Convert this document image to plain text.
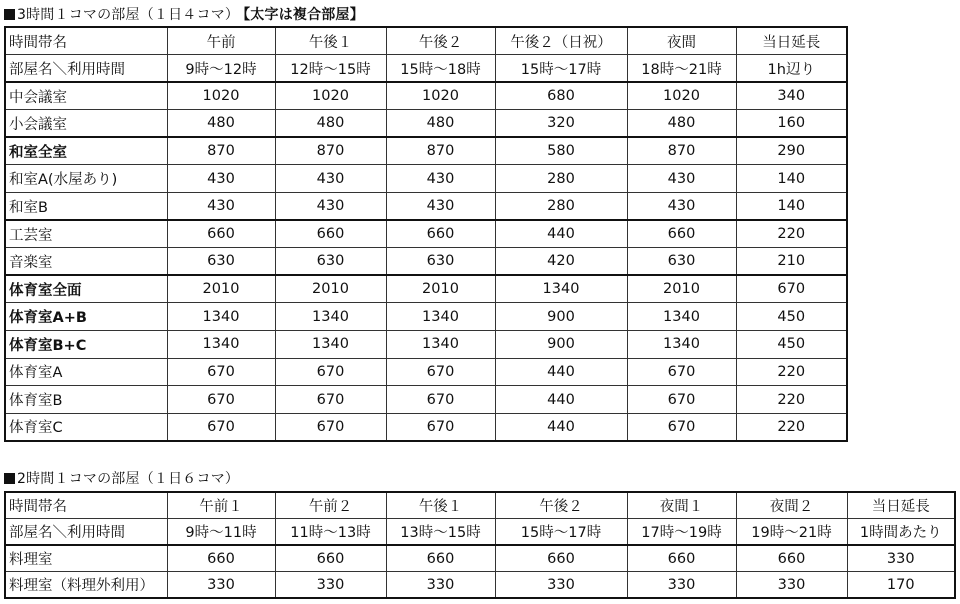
3時間１コマの部屋（１日４コマ） 【太字は複合部屋】
時間帯名	午前	午後１	午後２	午後２（日祝）	夜間	当日延長
部屋名＼利用時間	9時～12時	12時～15時	15時～18時	15時～17時	18時～21時	1h辺り
中会議室	1020	1020	1020	680	1020	340
小会議室	480	480	480	320	480	160
和室全室	870	870	870	580	870	290
和室A(水屋あり)	430	430	430	280	430	140
和室B	430	430	430	280	430	140
工芸室	660	660	660	440	660	220
音楽室	630	630	630	420	630	210
体育室全面	2010	2010	2010	1340	2010	670
体育室A+B	1340	1340	1340	900	1340	450
体育室B+C	1340	1340	1340	900	1340	450
体育室A	670	670	670	440	670	220
体育室B	670	670	670	440	670	220
体育室C	670	670	670	440	670	220
2時間１コマの部屋（１日６コマ）
時間帯名	午前１	午前２	午後１	午後２	夜間１	夜間２	当日延長
部屋名＼利用時間	9時～11時	11時～13時	13時～15時	15時～17時	17時～19時	19時～21時	1時間あたり
料理室	660	660	660	660	660	660	330
料理室（料理外利用）	330	330	330	330	330	330	170
